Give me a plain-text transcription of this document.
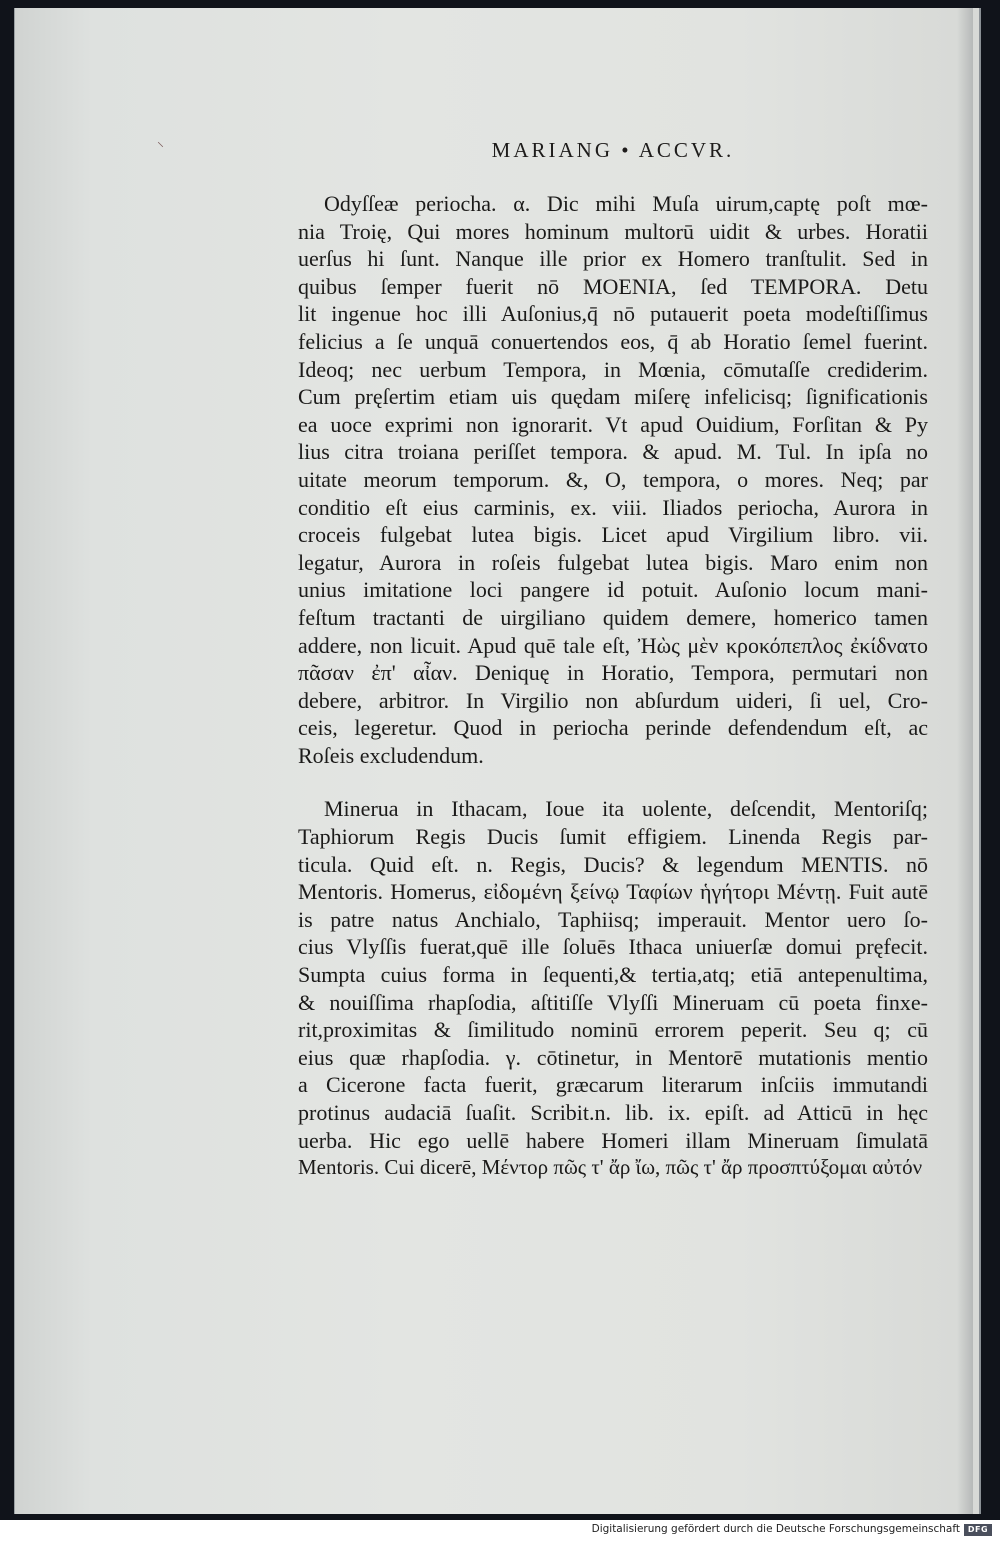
⸜	MARIANG • ACCVR.
Odyſſeæ periocha. α. Dic mihi Muſa uirum,captę poſt mœ-
nia Troię, Qui mores hominum multorū uidit & urbes. Horatii
uerſus hi ſunt. Nanque ille prior ex Homero tranſtulit. Sed in
quibus ſemper fuerit nō MOENIA, ſed TEMPORA. Detu
lit ingenue hoc illi Auſonius,q̄ nō putauerit poeta modeſtiſſimus
felicius a ſe unquā conuertendos eos, q̄ ab Horatio ſemel fuerint.
Ideoq; nec uerbum Tempora, in Mœnia, cōmutaſſe crediderim.
Cum pręſertim etiam uis quędam miſerę infelicisq; ſignificationis
ea uoce exprimi non ignorarit. Vt apud Ouidium, Forſitan & Py
lius citra troiana periſſet tempora. & apud. M. Tul. In ipſa no
uitate meorum temporum. &, O, tempora, o mores. Neq; par
conditio eſt eius carminis, ex. viii. Iliados periocha, Aurora in
croceis fulgebat lutea bigis. Licet apud Virgilium libro. vii.
legatur, Aurora in roſeis fulgebat lutea bigis. Maro enim non
unius imitatione loci pangere id potuit. Auſonio locum mani-
feſtum tractanti de uirgiliano quidem demere, homerico tamen
addere, non licuit. Apud quē tale eſt, Ἠὼς μὲν κροκόπεπλος ἐκίδνατο
πᾶσαν ἐπ' αἶαν. Deniquę in Horatio, Tempora, permutari non
debere, arbitror. In Virgilio non abſurdum uideri, ſi uel, Cro-
ceis, legeretur. Quod in periocha perinde defendendum eſt, ac
Roſeis excludendum.
Minerua in Ithacam, Ioue ita uolente, deſcendit, Mentoriſq;
Taphiorum Regis Ducis ſumit effigiem. Linenda Regis par-
ticula. Quid eſt. n. Regis, Ducis? & legendum MENTIS. nō
Mentoris. Homerus, εἰδομένη ξείνῳ Ταφίων ἡγήτορι Μέντῃ. Fuit autē
is patre natus Anchialo, Taphiisq; imperauit. Mentor uero ſo-
cius Vlyſſis fuerat,quē ille ſoluēs Ithaca uniuerſæ domui pręfecit.
Sumpta cuius forma in ſequenti,& tertia,atq; etiā antepenultima,
& nouiſſima rhapſodia, aſtitiſſe Vlyſſi Mineruam cū poeta finxe-
rit,proximitas & ſimilitudo nominū errorem peperit. Seu q; cū
eius quæ rhapſodia. γ. cōtinetur, in Mentorē mutationis mentio
a Cicerone facta fuerit, græcarum literarum inſciis immutandi
protinus audaciā ſuaſit. Scribit.n. lib. ix. epiſt. ad Atticū in hęc
uerba. Hic ego uellē habere Homeri illam Mineruam ſimulatā
Mentoris. Cui dicerē, Μέντορ πῶς τ' ἄρ ἴω, πῶς τ' ἄρ προσπτύξομαι αὐτόν
Digitalisierung gefördert durch die Deutsche Forschungsgemeinschaft DFG
